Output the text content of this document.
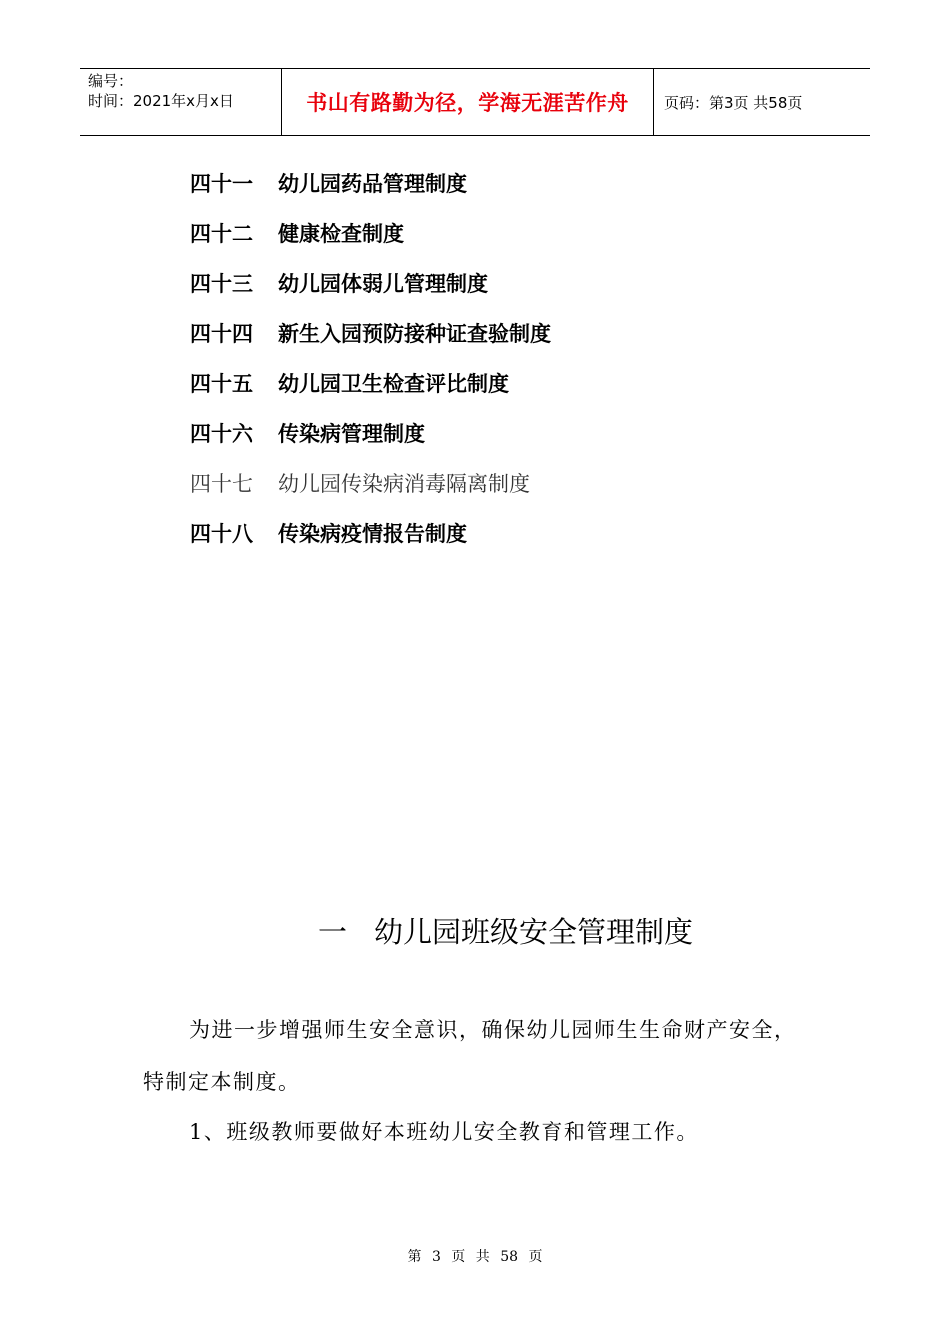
编号：
时间：2021年x月x日	书山有路勤为径，学海无涯苦作舟	页码：第3页 共58页
四十一 幼儿园药品管理制度
四十二 健康检查制度
四十三 幼儿园体弱儿管理制度
四十四 新生入园预防接种证查验制度
四十五 幼儿园卫生检查评比制度
四十六 传染病管理制度
四十七 幼儿园传染病消毒隔离制度
四十八 传染病疫情报告制度
一 幼儿园班级安全管理制度
为进一步增强师生安全意识，确保幼儿园师生生命财产安全，
特制定本制度。
1、班级教师要做好本班幼儿安全教育和管理工作。
第 3 页 共 58 页
